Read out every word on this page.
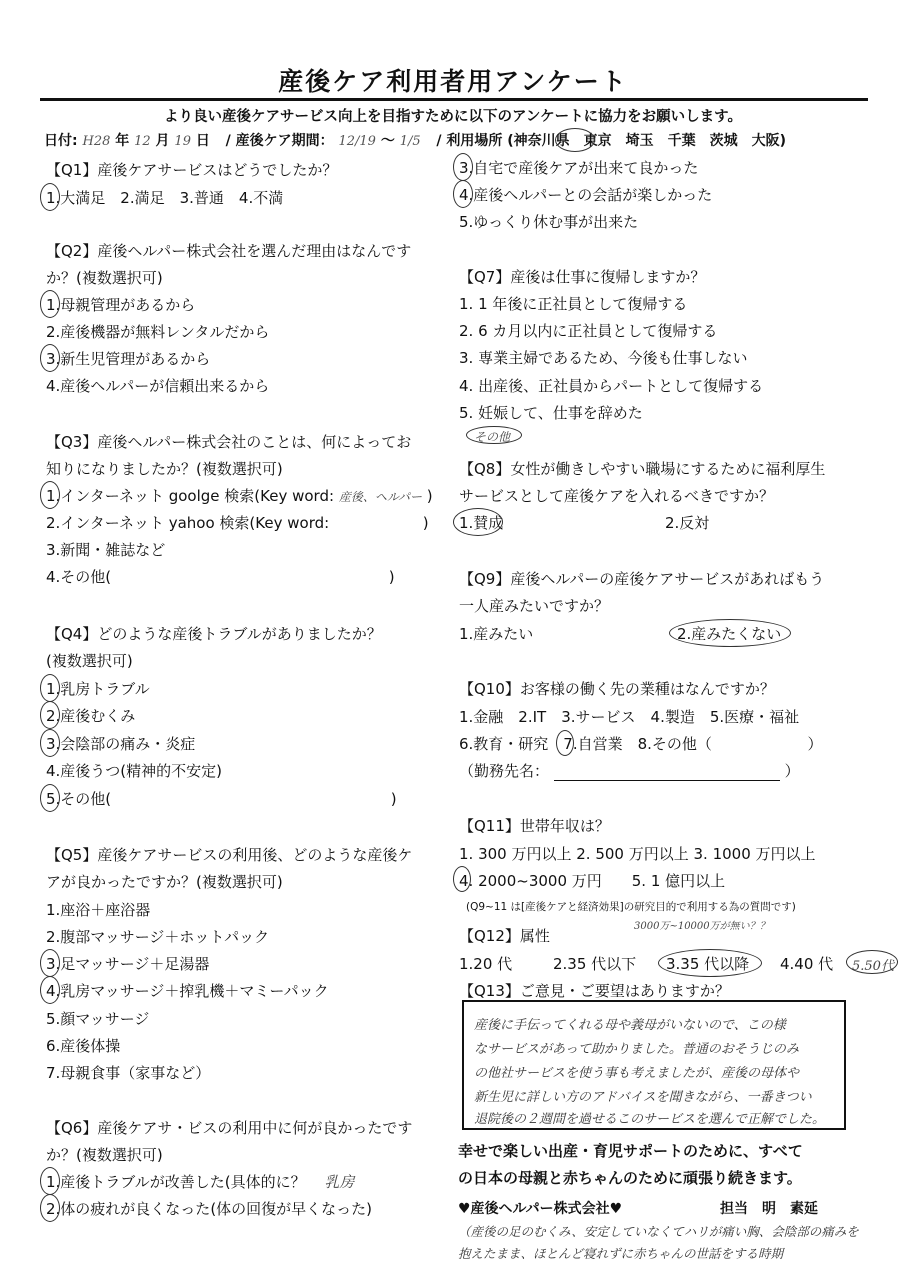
産後ケア利用者用アンケート
より良い産後ケアサービス向上を目指すために以下のアンケートに協力をお願いします。
日付: H28 年 12 月 19 日 / 産後ケア期間： 12/19 〜 1/5 / 利用場所 (神奈川県　東京　埼玉　千葉　茨城　大阪)
【Q1】産後ケアサービスはどうでしたか？
1.大満足　2.満足　3.普通　4.不満
【Q2】産後ヘルパー株式会社を選んだ理由はなんです
か？(複数選択可)
1.母親管理があるから
2.産後機器が無料レンタルだから
3.新生児管理があるから
4.産後ヘルパーが信頼出来るから
【Q3】産後ヘルパー株式会社のことは、何によってお
知りになりましたか？(複数選択可)
1.インターネット goolge 検索(Key word: 産後、ヘルパー )
2.インターネット yahoo 検索(Key word:	)
3.新聞・雑誌など
4.その他(	)
【Q4】どのような産後トラブルがありましたか？
(複数選択可)
1.乳房トラブル
2.産後むくみ
3.会陰部の痛み・炎症
4.産後うつ(精神的不安定)
5.その他(	)
【Q5】産後ケアサービスの利用後、どのような産後ケ
アが良かったですか？(複数選択可)
1.座浴＋座浴器
2.腹部マッサージ＋ホットパック
3.足マッサージ＋足湯器
4.乳房マッサージ＋搾乳機＋マミーパック
5.顔マッサージ
6.産後体操
7.母親食事（家事など）
【Q6】産後ケアサ・ビスの利用中に何が良かったです
か？(複数選択可)
1.産後トラブルが改善した(具体的に？ 乳房
2.体の疲れが良くなった(体の回復が早くなった)
3.自宅で産後ケアが出来て良かった
4.産後ヘルパーとの会話が楽しかった
5.ゆっくり休む事が出来た
【Q7】産後は仕事に復帰しますか？
1. 1 年後に正社員として復帰する
2. 6 カ月以内に正社員として復帰する
3. 専業主婦であるため、今後も仕事しない
4. 出産後、正社員からパートとして復帰する
5. 妊娠して、仕事を辞めた
その他
【Q8】女性が働きしやすい職場にするために福利厚生
サービスとして産後ケアを入れるべきですか？
1.賛成	2.反対
【Q9】産後ヘルパーの産後ケアサービスがあればもう
一人産みたいですか？
1.産みたい	2.産みたくない
【Q10】お客様の働く先の業種はなんですか？
1.金融　2.IT　3.サービス　4.製造　5.医療・福祉
6.教育・研究　7.自営業　8.その他（	）
（勤務先名：	）
【Q11】世帯年収は？
1. 300 万円以上 2. 500 万円以上 3. 1000 万円以上
4. 2000~3000 万円　　5. 1 億円以上
(Q9~11 は[産後ケアと経済効果]の研究目的で利用する為の質問です)
3000万~10000万が無い？？
【Q12】属性
1.20 代	2.35 代以下 3.35 代以降 4.40 代 5.50代
【Q13】ご意見・ご要望はありますか？
産後に手伝ってくれる母や義母がいないので、この様
なサービスがあって助かりました。普通のおそうじのみ
の他社サービスを使う事も考えましたが、産後の母体や
新生児に詳しい方のアドバイスを聞きながら、一番きつい
退院後の２週間を過せるこのサービスを選んで正解でした。
幸せで楽しい出産・育児サポートのために、すべて
の日本の母親と赤ちゃんのために頑張り続きます。
♥産後ヘルパー株式会社♥	担当　明　素延
（産後の足のむくみ、安定していなくてハリが痛い胸、会陰部の痛みを
抱えたまま、ほとんど寝れずに赤ちゃんの世話をする時期
